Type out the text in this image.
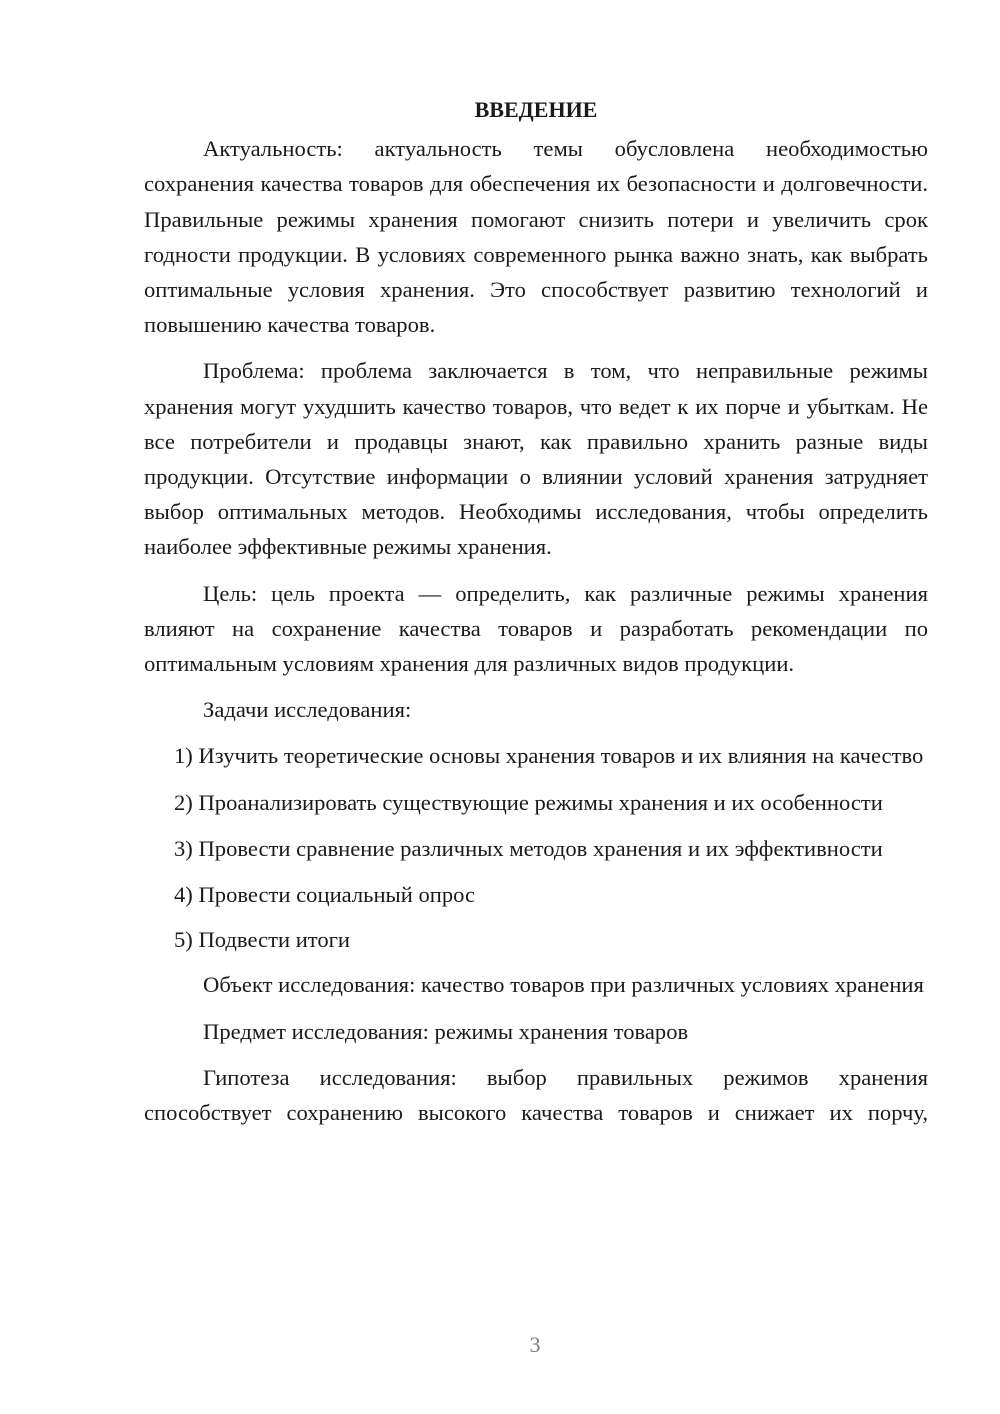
ВВЕДЕНИЕ

Актуальность: актуальность темы обусловлена необходимостью сохранения качества товаров для обеспечения их безопасности и долговечности. Правильные режимы хранения помогают снизить потери и увеличить срок годности продукции. В условиях современного рынка важно знать, как выбрать оптимальные условия хранения. Это способствует развитию технологий и повышению качества товаров.

Проблема: проблема заключается в том, что неправильные режимы хранения могут ухудшить качество товаров, что ведет к их порче и убыткам. Не все потребители и продавцы знают, как правильно хранить разные виды продукции. Отсутствие информации о влиянии условий хранения затрудняет выбор оптимальных методов. Необходимы исследования, чтобы определить наиболее эффективные режимы хранения.

Цель: цель проекта — определить, как различные режимы хранения влияют на сохранение качества товаров и разработать рекомендации по оптимальным условиям хранения для различных видов продукции.

Задачи исследования:

1) Изучить теоретические основы хранения товаров и их влияния на качество

2) Проанализировать существующие режимы хранения и их особенности

3) Провести сравнение различных методов хранения и их эффективности

4) Провести социальный опрос

5) Подвести итоги

Объект исследования: качество товаров при различных условиях хранения

Предмет исследования: режимы хранения товаров

Гипотеза исследования: выбор правильных режимов хранения способствует сохранению высокого качества товаров и снижает их порчу,

3
